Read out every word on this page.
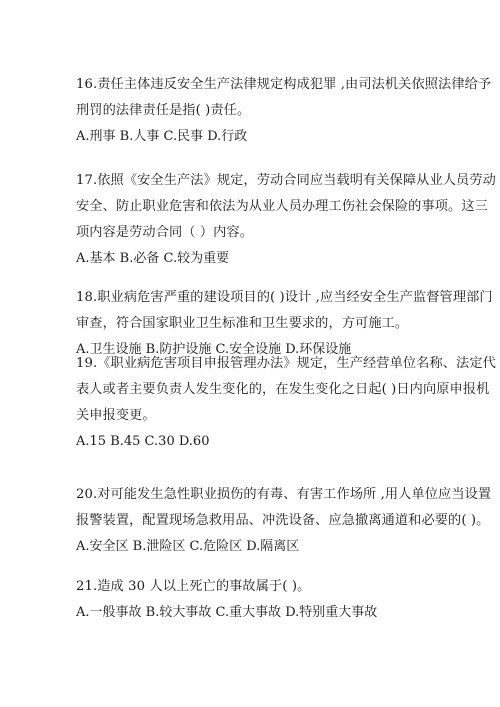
16.责任主体违反安全生产法律规定构成犯罪 ,由司法机关依照法律给予
刑罚的法律责任是指( )责任。
A.刑事 B.人事 C.民事 D.行政
17.依照《安全生产法》规定，劳动合同应当载明有关保障从业人员劳动
安全、防止职业危害和依法为从业人员办理工伤社会保险的事项。这三
项内容是劳动合同（ ）内容。
A.基本 B.必备 C.较为重要
18.职业病危害严重的建设项目的( )设计 ,应当经安全生产监督管理部门
审查，符合国家职业卫生标准和卫生要求的，方可施工。
A.卫生设施 B.防护设施 C.安全设施 D.环保设施
19.《职业病危害项目申报管理办法》规定，生产经营单位名称、法定代
表人或者主要负责人发生变化的，在发生变化之日起( )日内向原申报机
关申报变更。
A.15 B.45 C.30 D.60
20.对可能发生急性职业损伤的有毒、有害工作场所 ,用人单位应当设置
报警装置，配置现场急救用品、冲洗设备、应急撤离通道和必要的( )。
A.安全区 B.泄险区 C.危险区 D.隔离区
21.造成 30 人以上死亡的事故属于( )。
A.一般事故 B.较大事故 C.重大事故 D.特别重大事故
